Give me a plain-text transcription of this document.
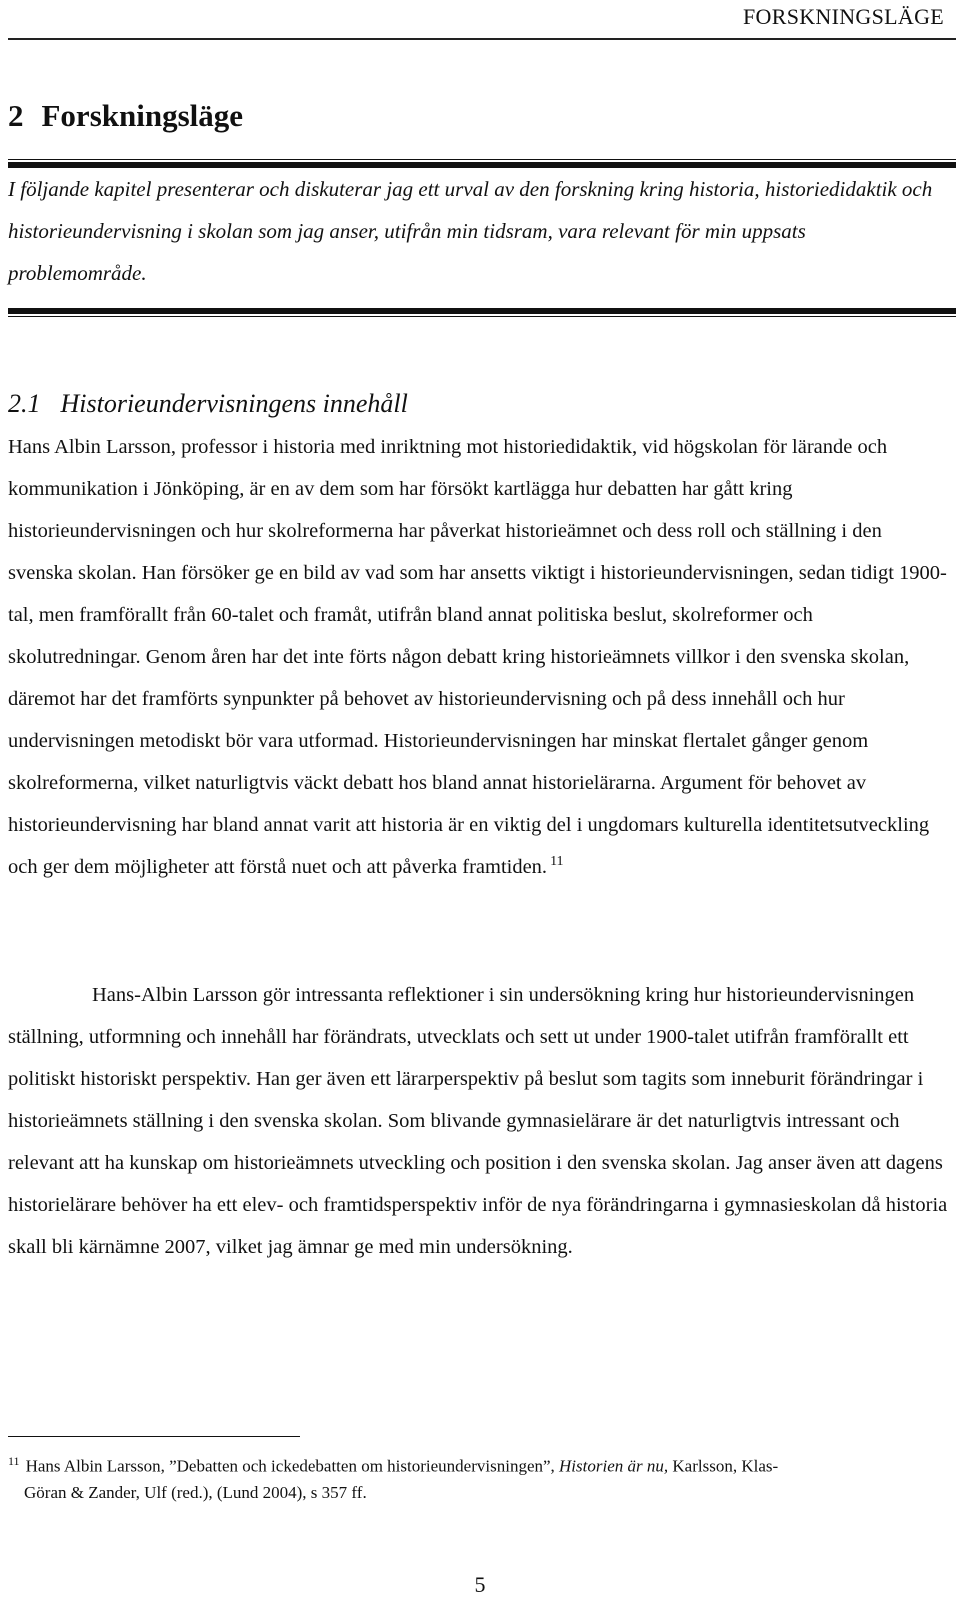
FORSKNINGSLÄGE
2 Forskningsläge

I följande kapitel presenterar och diskuterar jag ett urval av den forskning kring historia, historiedidaktik och historieundervisning i skolan som jag anser, utifrån min tidsram, vara relevant för min uppsats problemområde.

2.1 Historieundervisningens innehåll

Hans Albin Larsson, professor i historia med inriktning mot historiedidaktik, vid högskolan för lärande och kommunikation i Jönköping, är en av dem som har försökt kartlägga hur debatten har gått kring historieundervisningen och hur skolreformerna har påverkat historieämnet och dess roll och ställning i den svenska skolan. Han försöker ge en bild av vad som har ansetts viktigt i historieundervisningen, sedan tidigt 1900-tal, men framförallt från 60-talet och framåt, utifrån bland annat politiska beslut, skolreformer och skolutredningar. Genom åren har det inte förts någon debatt kring historieämnets villkor i den svenska skolan, däremot har det framförts synpunkter på behovet av historieundervisning och på dess innehåll och hur undervisningen metodiskt bör vara utformad. Historieundervisningen har minskat flertalet gånger genom skolreformerna, vilket naturligtvis väckt debatt hos bland annat historielärarna. Argument för behovet av historieundervisning har bland annat varit att historia är en viktig del i ungdomars kulturella identitetsutveckling och ger dem möjligheter att förstå nuet och att påverka framtiden. $^{11}$

Hans-Albin Larsson gör intressanta reflektioner i sin undersökning kring hur historieundervisningen ställning, utformning och innehåll har förändrats, utvecklats och sett ut under 1900-talet utifrån framförallt ett politiskt historiskt perspektiv. Han ger även ett lärarperspektiv på beslut som tagits som inneburit förändringar i historieämnets ställning i den svenska skolan. Som blivande gymnasielärare är det naturligtvis intressant och relevant att ha kunskap om historieämnets utveckling och position i den svenska skolan. Jag anser även att dagens historielärare behöver ha ett elev- och framtidsperspektiv inför de nya förändringarna i gymnasieskolan då historia skall bli kärnämne 2007, vilket jag ämnar ge med min undersökning.

$^{11}$ Hans Albin Larsson, ”Debatten och ickedebatten om historieundervisningen”, Historien är nu, Karlsson, Klas-
Göran & Zander, Ulf (red.), (Lund 2004), s 357 ff.

5
